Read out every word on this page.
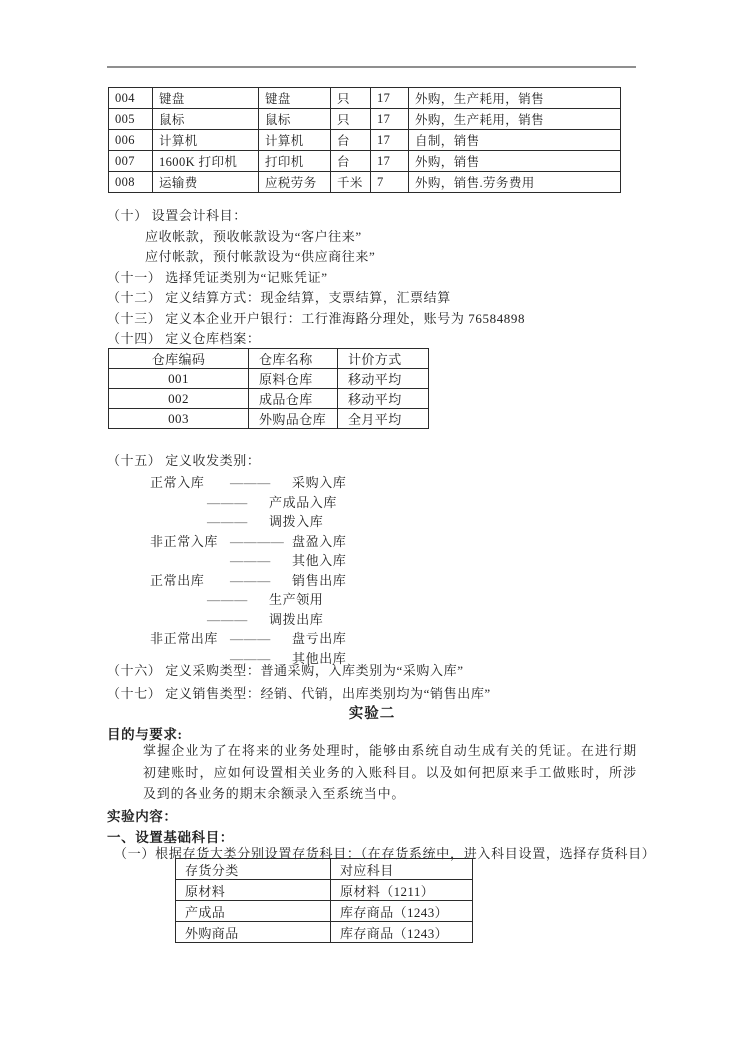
004	键盘	键盘	只	17	外购，生产耗用，销售
005	鼠标	鼠标	只	17	外购，生产耗用，销售
006	计算机	计算机	台	17	自制，销售
007	1600K 打印机	打印机	台	17	外购，销售
008	运输费	应税劳务	千米	7	外购，销售.劳务费用
（十） 设置会计科目：
应收帐款，预收帐款设为“客户往来”
应付帐款，预付帐款设为“供应商往来”
（十一） 选择凭证类别为“记账凭证”
（十二） 定义结算方式：现金结算，支票结算，汇票结算
（十三） 定义本企业开户银行：工行淮海路分理处，账号为 76584898
（十四） 定义仓库档案：
仓库编码	仓库名称	计价方式
001	原料仓库	移动平均
002	成品仓库	移动平均
003	外购品仓库	全月平均
（十五） 定义收发类别：
正常入库	———	采购入库
———	产成品入库
———	调拨入库
非正常入库 ———— 盘盈入库
———	其他入库
正常出库	———	销售出库
———	生产领用
———	调拨出库
非正常出库 ———	盘亏出库
———	其他出库
（十六） 定义采购类型：普通采购，入库类别为“采购入库”
（十七） 定义销售类型：经销、代销，出库类别均为“销售出库”
实验二
目的与要求:
掌握企业为了在将来的业务处理时，能够由系统自动生成有关的凭证。在进行期初建账时，应如何设置相关业务的入账科目。以及如何把原来手工做账时，所涉及到的各业务的期末余额录入至系统当中。
实验内容：
一、设置基础科目：
（一）根据存货大类分别设置存货科目：（在存货系统中，进入科目设置，选择存货科目）
存货分类	对应科目
原材料	原材料（1211）
产成品	库存商品（1243）
外购商品	库存商品（1243）
